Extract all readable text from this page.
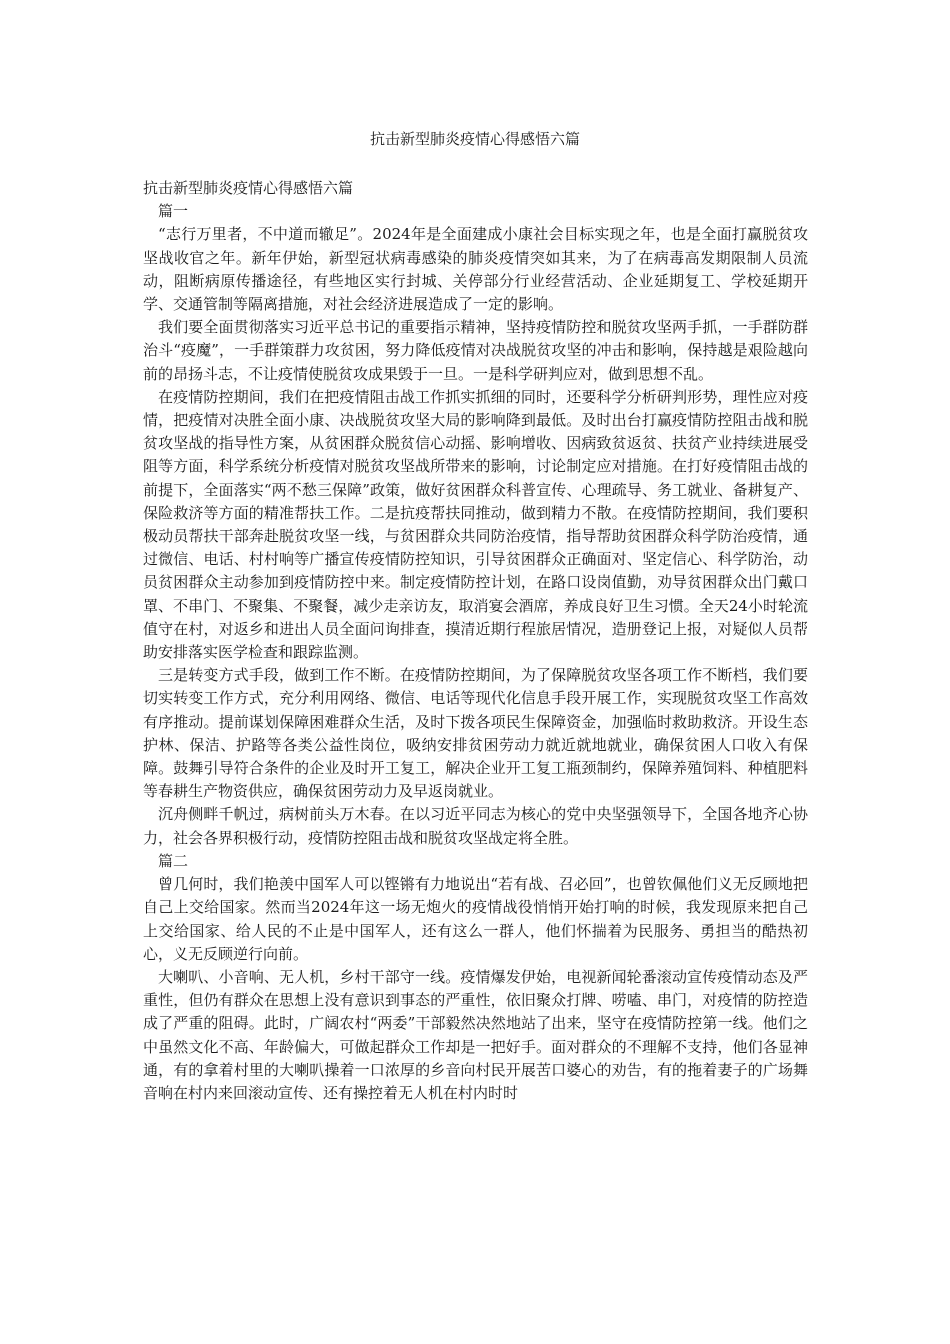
抗击新型肺炎疫情心得感悟六篇

抗击新型肺炎疫情心得感悟六篇

篇一

“志行万里者，不中道而辙足”。2024年是全面建成小康社会目标实现之年，也是全面打赢脱贫攻坚战收官之年。新年伊始，新型冠状病毒感染的肺炎疫情突如其来，为了在病毒高发期限制人员流动，阻断病原传播途径，有些地区实行封城、关停部分行业经营活动、企业延期复工、学校延期开学、交通管制等隔离措施，对社会经济进展造成了一定的影响。

我们要全面贯彻落实习近平总书记的重要指示精神，坚持疫情防控和脱贫攻坚两手抓，一手群防群治斗“疫魔”，一手群策群力攻贫困，努力降低疫情对决战脱贫攻坚的冲击和影响，保持越是艰险越向前的昂扬斗志，不让疫情使脱贫攻成果毁于一旦。一是科学研判应对，做到思想不乱。

在疫情防控期间，我们在把疫情阻击战工作抓实抓细的同时，还要科学分析研判形势，理性应对疫情，把疫情对决胜全面小康、决战脱贫攻坚大局的影响降到最低。及时出台打赢疫情防控阻击战和脱贫攻坚战的指导性方案，从贫困群众脱贫信心动摇、影响增收、因病致贫返贫、扶贫产业持续进展受阻等方面，科学系统分析疫情对脱贫攻坚战所带来的影响，讨论制定应对措施。在打好疫情阻击战的前提下，全面落实“两不愁三保障”政策，做好贫困群众科普宣传、心理疏导、务工就业、备耕复产、保险救济等方面的精准帮扶工作。二是抗疫帮扶同推动，做到精力不散。在疫情防控期间，我们要积极动员帮扶干部奔赴脱贫攻坚一线，与贫困群众共同防治疫情，指导帮助贫困群众科学防治疫情，通过微信、电话、村村响等广播宣传疫情防控知识，引导贫困群众正确面对、坚定信心、科学防治，动员贫困群众主动参加到疫情防控中来。制定疫情防控计划，在路口设岗值勤，劝导贫困群众出门戴口罩、不串门、不聚集、不聚餐，减少走亲访友，取消宴会酒席，养成良好卫生习惯。全天24小时轮流值守在村，对返乡和进出人员全面问询排查，摸清近期行程旅居情况，造册登记上报，对疑似人员帮助安排落实医学检查和跟踪监测。

三是转变方式手段，做到工作不断。在疫情防控期间，为了保障脱贫攻坚各项工作不断档，我们要切实转变工作方式，充分利用网络、微信、电话等现代化信息手段开展工作，实现脱贫攻坚工作高效有序推动。提前谋划保障困难群众生活，及时下拨各项民生保障资金，加强临时救助救济。开设生态护林、保洁、护路等各类公益性岗位，吸纳安排贫困劳动力就近就地就业，确保贫困人口收入有保障。鼓舞引导符合条件的企业及时开工复工，解决企业开工复工瓶颈制约，保障养殖饲料、种植肥料等春耕生产物资供应，确保贫困劳动力及早返岗就业。

沉舟侧畔千帆过，病树前头万木春。在以习近平同志为核心的党中央坚强领导下，全国各地齐心协力，社会各界积极行动，疫情防控阻击战和脱贫攻坚战定将全胜。

篇二

曾几何时，我们艳羡中国军人可以铿锵有力地说出“若有战、召必回”，也曾钦佩他们义无反顾地把自己上交给国家。然而当2024年这一场无炮火的疫情战役悄悄开始打响的时候，我发现原来把自己上交给国家、给人民的不止是中国军人，还有这么一群人，他们怀揣着为民服务、勇担当的酷热初心，义无反顾逆行向前。

大喇叭、小音响、无人机，乡村干部守一线。疫情爆发伊始，电视新闻轮番滚动宣传疫情动态及严重性，但仍有群众在思想上没有意识到事态的严重性，依旧聚众打牌、唠嗑、串门，对疫情的防控造成了严重的阻碍。此时，广阔农村“两委”干部毅然决然地站了出来，坚守在疫情防控第一线。他们之中虽然文化不高、年龄偏大，可做起群众工作却是一把好手。面对群众的不理解不支持，他们各显神通，有的拿着村里的大喇叭操着一口浓厚的乡音向村民开展苦口婆心的劝告，有的拖着妻子的广场舞音响在村内来回滚动宣传、还有操控着无人机在村内时时
